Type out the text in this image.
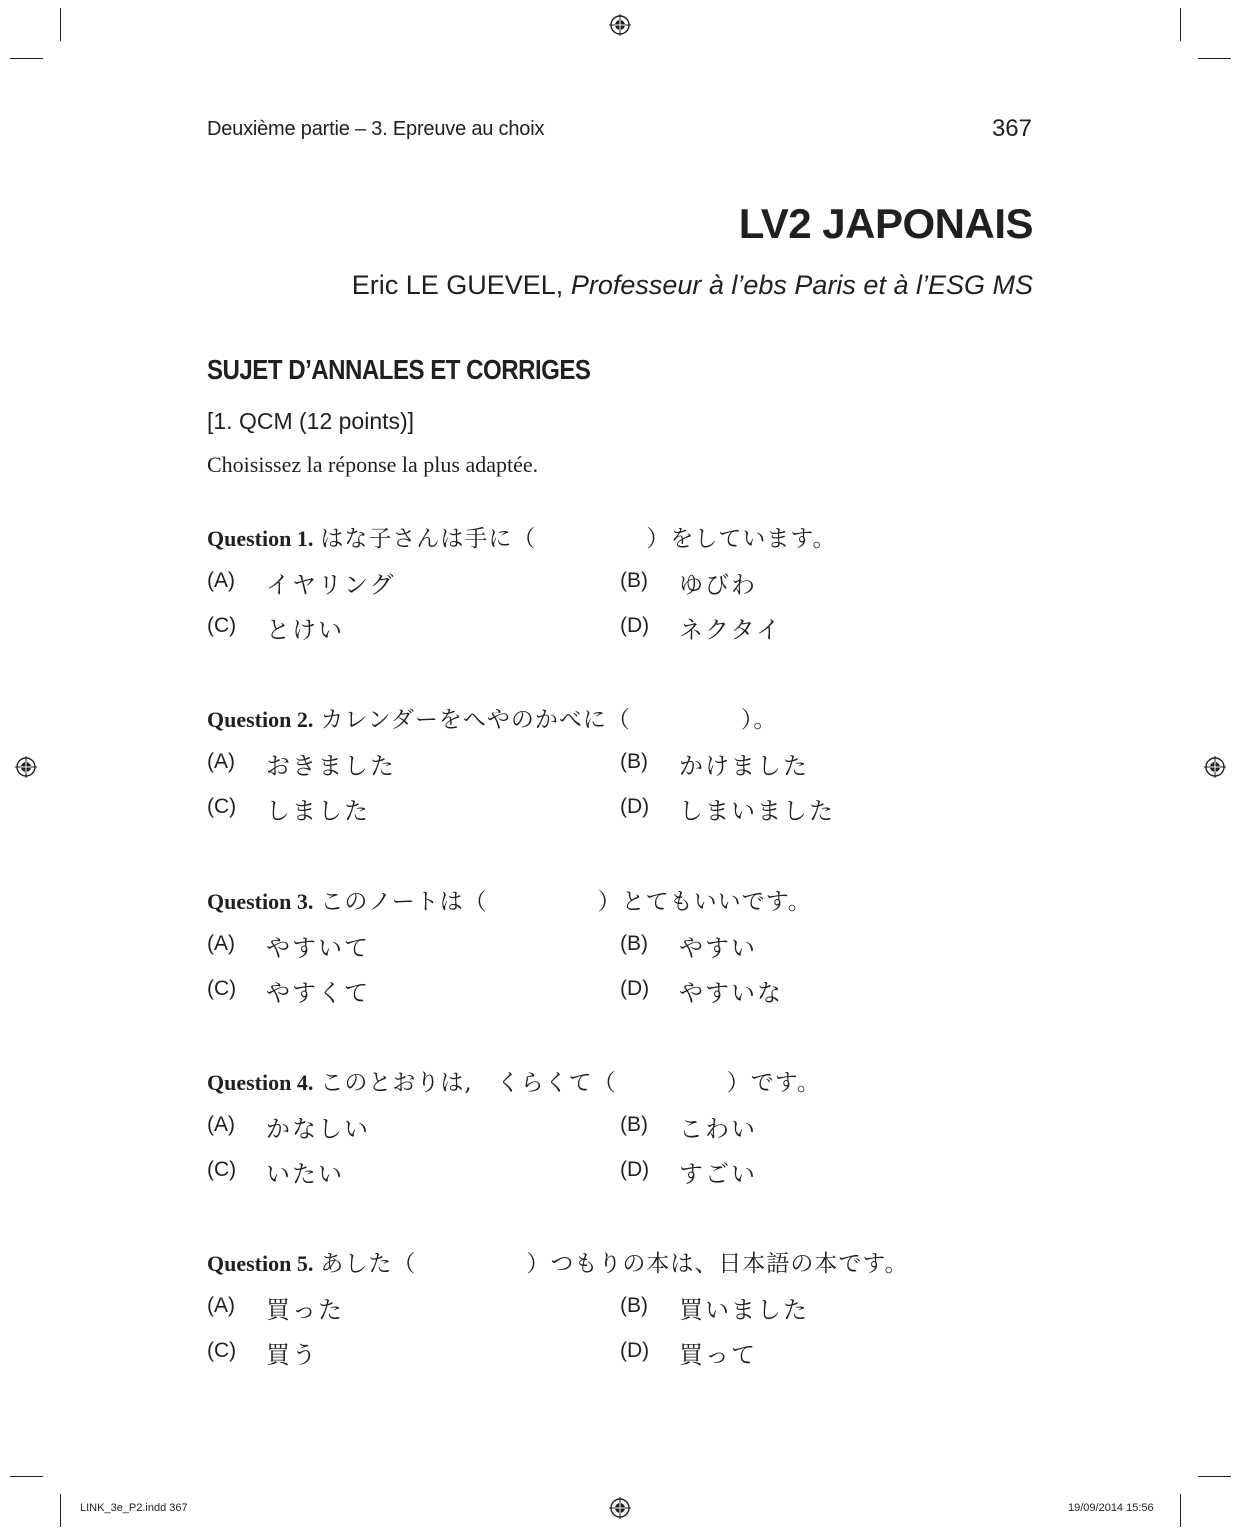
Deuxième partie – 3. Epreuve au choix	367
LV2 JAPONAIS
Eric LE GUEVEL, Professeur à l’ebs Paris et à l’ESG MS
SUJET D’ANNALES ET CORRIGES
[1. QCM (12 points)]
Choisissez la réponse la plus adaptée.
Question 1. はな子さんは手に（	）をしています。
(A) イヤリング	(B) ゆびわ
(C) とけい	(D) ネクタイ
Question 2. カレンダーをへやのかべに（	）。
(A) おきました	(B) かけました
(C) しました	(D) しまいました
Question 3. このノートは（	）とてもいいです。
(A) やすいて	(B) やすい
(C) やすくて	(D) やすいな
Question 4. このとおりは,　くらくて（	）です。
(A) かなしい	(B) こわい
(C) いたい	(D) すごい
Question 5. あした（	）つもりの本は、日本語の本です。
(A) 買った	(B) 買いました
(C) 買う	(D) 買って
LINK_3e_P2.indd 367	19/09/2014 15:56
